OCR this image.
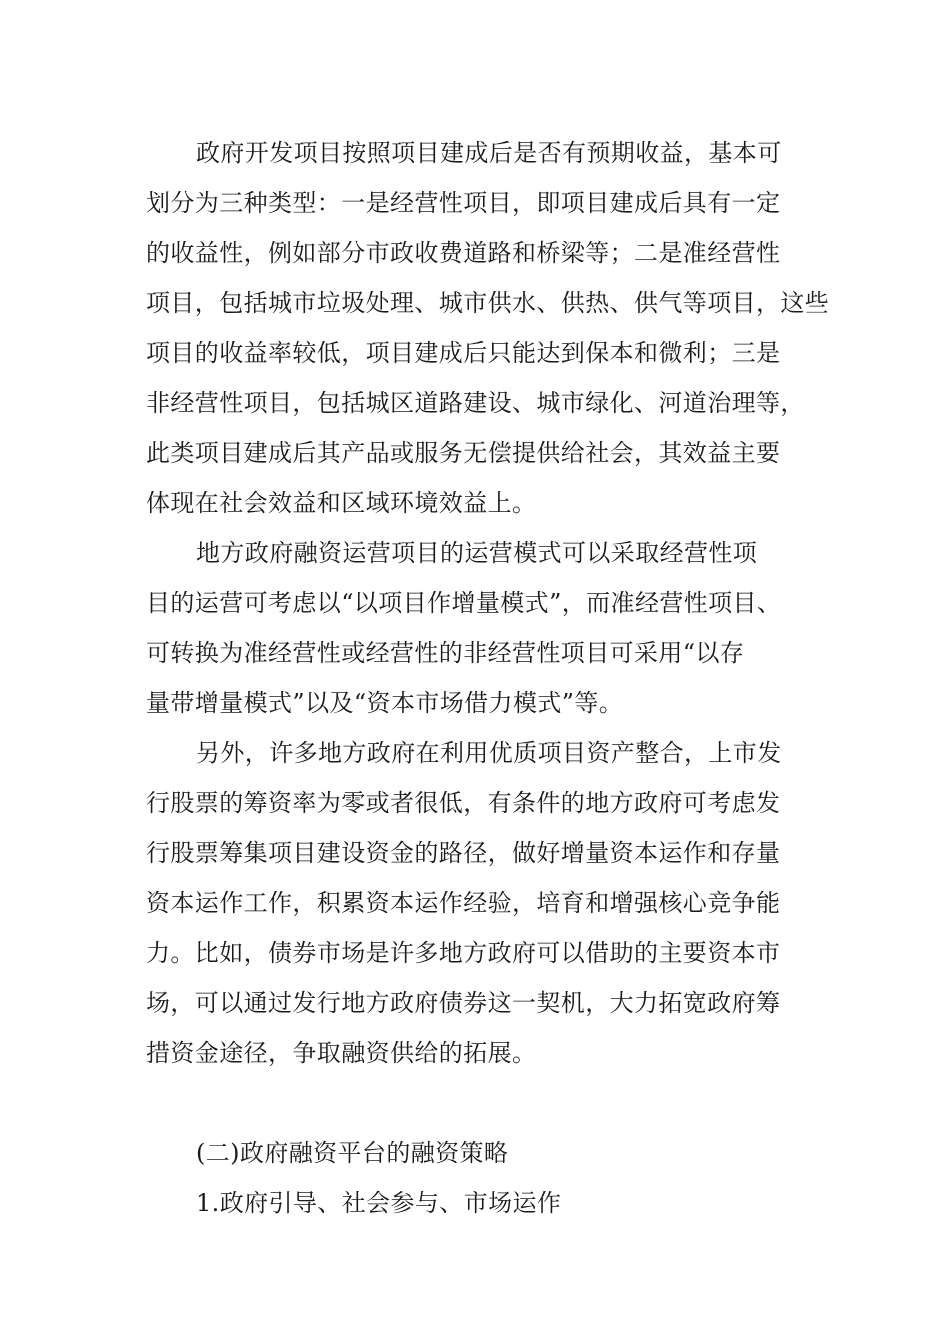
政府开发项目按照项目建成后是否有预期收益，基本可
划分为三种类型：一是经营性项目，即项目建成后具有一定
的收益性，例如部分市政收费道路和桥梁等；二是准经营性
项目，包括城市垃圾处理、城市供水、供热、供气等项目，这些
项目的收益率较低，项目建成后只能达到保本和微利；三是
非经营性项目，包括城区道路建设、城市绿化、河道治理等，
此类项目建成后其产品或服务无偿提供给社会，其效益主要
体现在社会效益和区域环境效益上。
地方政府融资运营项目的运营模式可以采取经营性项
目的运营可考虑以“以项目作增量模式”，而准经营性项目、
可转换为准经营性或经营性的非经营性项目可采用“以存
量带增量模式”以及“资本市场借力模式”等。
另外，许多地方政府在利用优质项目资产整合，上市发
行股票的筹资率为零或者很低，有条件的地方政府可考虑发
行股票筹集项目建设资金的路径，做好增量资本运作和存量
资本运作工作，积累资本运作经验，培育和增强核心竞争能
力。比如，债券市场是许多地方政府可以借助的主要资本市
场，可以通过发行地方政府债券这一契机，大力拓宽政府筹
措资金途径，争取融资供给的拓展。
(二)政府融资平台的融资策略
1.政府引导、社会参与、市场运作
